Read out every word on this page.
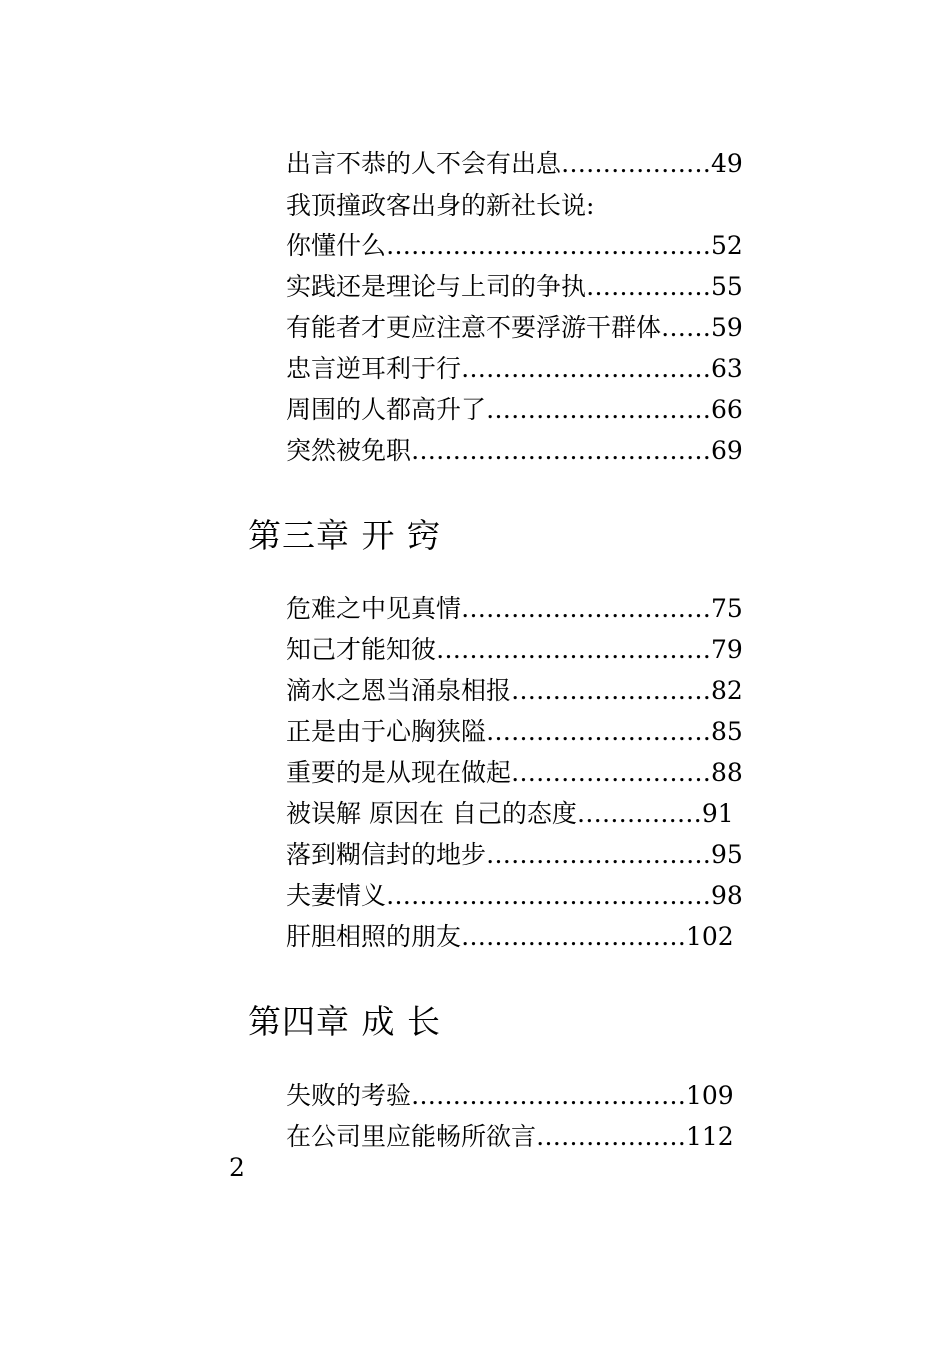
出言不恭的人不会有出息………………49
我顶撞政客出身的新社长说:
你懂什么…………………………………52
实践还是理论与上司的争执……………55
有能者才更应注意不要浮游干群体……59
忠言逆耳利于行…………………………63
周围的人都高升了………………………66
突然被免职………………………………69
第三章 开 窍
危难之中见真情…………………………75
知己才能知彼……………………………79
滴水之恩当涌泉相报……………………82
正是由于心胸狭隘………………………85
重要的是从现在做起……………………88
被误解 原因在 自己的态度……………91
落到糊信封的地步………………………95
夫妻情义…………………………………98
肝胆相照的朋友………………………102
第四章 成 长
失败的考验……………………………109
在公司里应能畅所欲言………………112
2
